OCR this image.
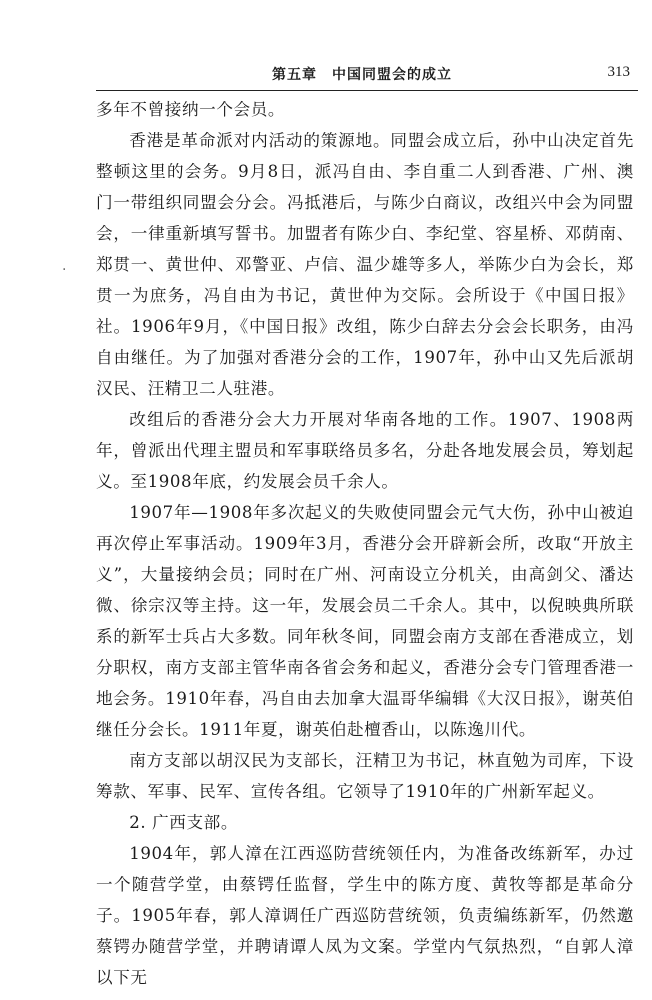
第五章　中国同盟会的成立	313
.

多年不曾接纳一个会员。

香港是革命派对内活动的策源地。同盟会成立后，孙中山决定首先整顿这里的会务。9月8日，派冯自由、李自重二人到香港、广州、澳门一带组织同盟会分会。冯抵港后，与陈少白商议，改组兴中会为同盟会，一律重新填写誓书。加盟者有陈少白、李纪堂、容星桥、邓荫南、郑贯一、黄世仲、邓警亚、卢信、温少雄等多人，举陈少白为会长，郑贯一为庶务，冯自由为书记，黄世仲为交际。会所设于《中国日报》社。1906年9月，《中国日报》改组，陈少白辞去分会会长职务，由冯自由继任。为了加强对香港分会的工作，1907年，孙中山又先后派胡汉民、汪精卫二人驻港。

改组后的香港分会大力开展对华南各地的工作。1907、1908两年，曾派出代理主盟员和军事联络员多名，分赴各地发展会员，筹划起义。至1908年底，约发展会员千余人。

1907年—1908年多次起义的失败使同盟会元气大伤，孙中山被迫再次停止军事活动。1909年3月，香港分会开辟新会所，改取“开放主义”，大量接纳会员；同时在广州、河南设立分机关，由高剑父、潘达微、徐宗汉等主持。这一年，发展会员二千余人。其中，以倪映典所联系的新军士兵占大多数。同年秋冬间，同盟会南方支部在香港成立，划分职权，南方支部主管华南各省会务和起义，香港分会专门管理香港一地会务。1910年春，冯自由去加拿大温哥华编辑《大汉日报》，谢英伯继任分会长。1911年夏，谢英伯赴檀香山，以陈逸川代。

南方支部以胡汉民为支部长，汪精卫为书记，林直勉为司库，下设筹款、军事、民军、宣传各组。它领导了1910年的广州新军起义。

2. 广西支部。

1904年，郭人漳在江西巡防营统领任内，为准备改练新军，办过一个随营学堂，由蔡锷任监督，学生中的陈方度、黄牧等都是革命分子。1905年春，郭人漳调任广西巡防营统领，负责编练新军，仍然邀蔡锷办随营学堂，并聘请谭人凤为文案。学堂内气氛热烈，“自郭人漳以下无
